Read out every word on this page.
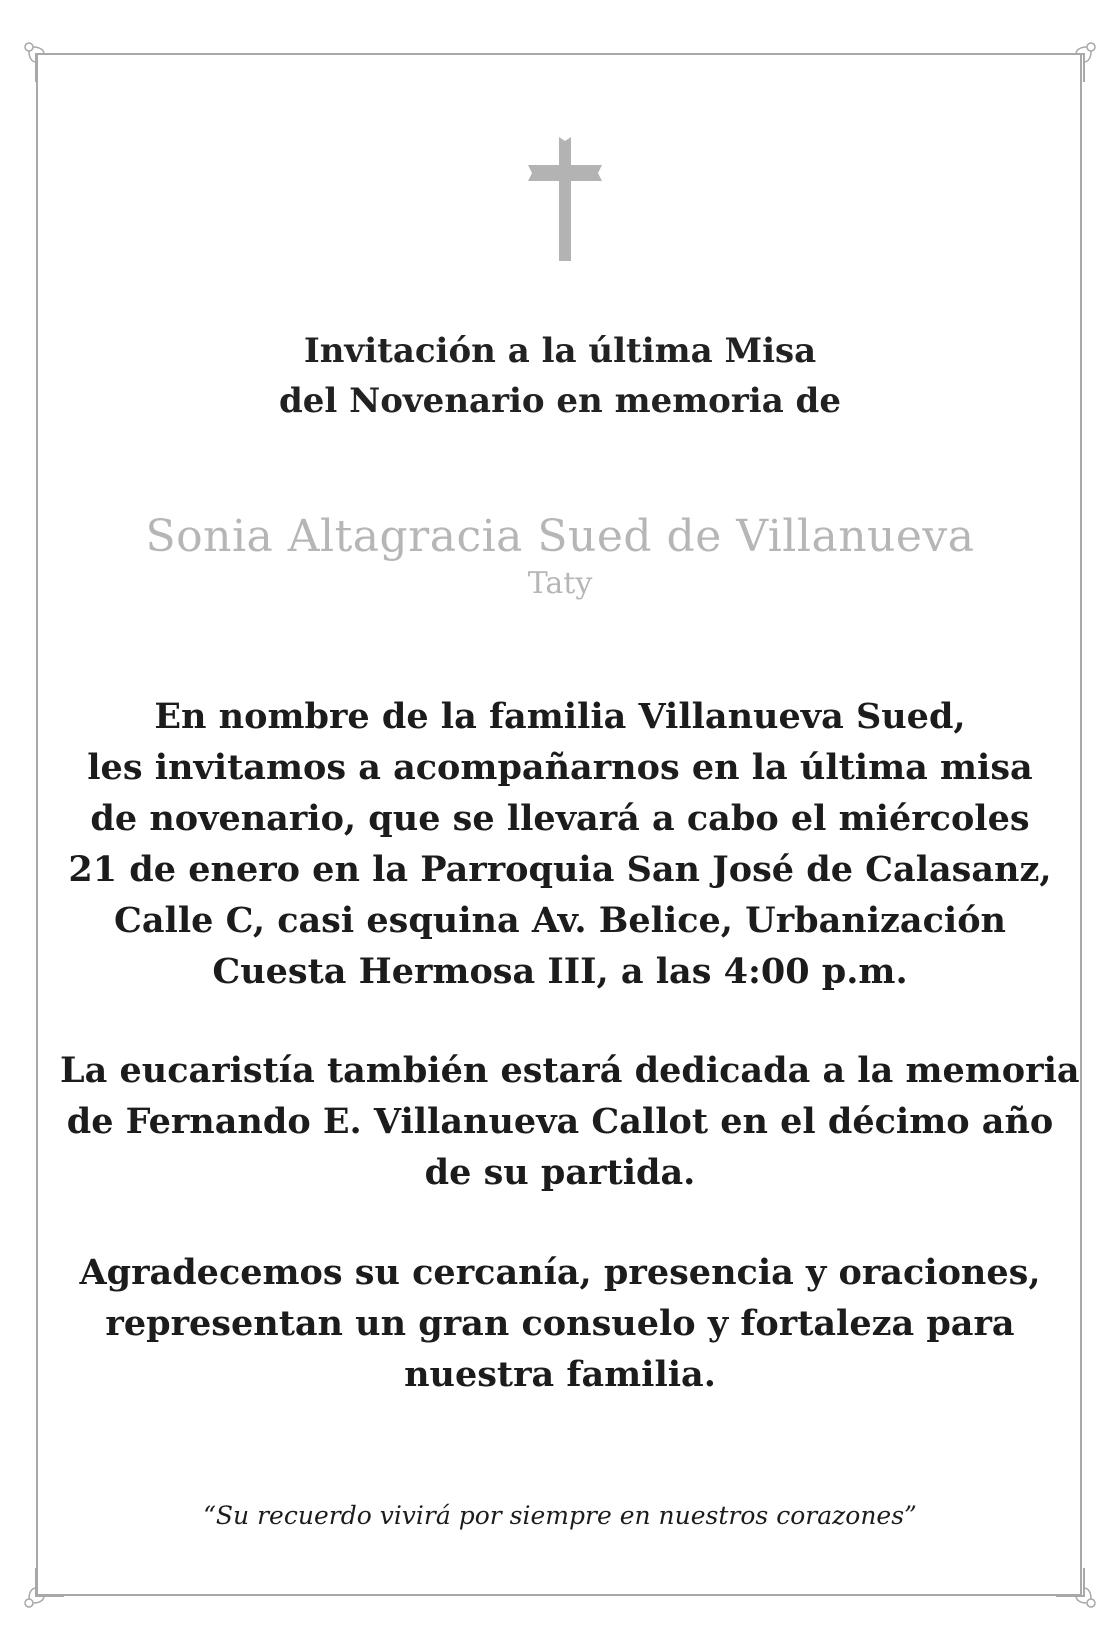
Invitación a la última Misa
del Novenario en memoria de
Sonia Altagracia Sued de Villanueva
Taty
En nombre de la familia Villanueva Sued,
les invitamos a acompañarnos en la última misa
de novenario, que se llevará a cabo el miércoles
21 de enero en la Parroquia San José de Calasanz,
Calle C, casi esquina Av. Belice, Urbanización
Cuesta Hermosa III, a las 4:00 p.m.
La eucaristía también estará dedicada a la memoria
de Fernando E. Villanueva Callot en el décimo año
de su partida.
Agradecemos su cercanía, presencia y oraciones,
representan un gran consuelo y fortaleza para
nuestra familia.
“Su recuerdo vivirá por siempre en nuestros corazones”
